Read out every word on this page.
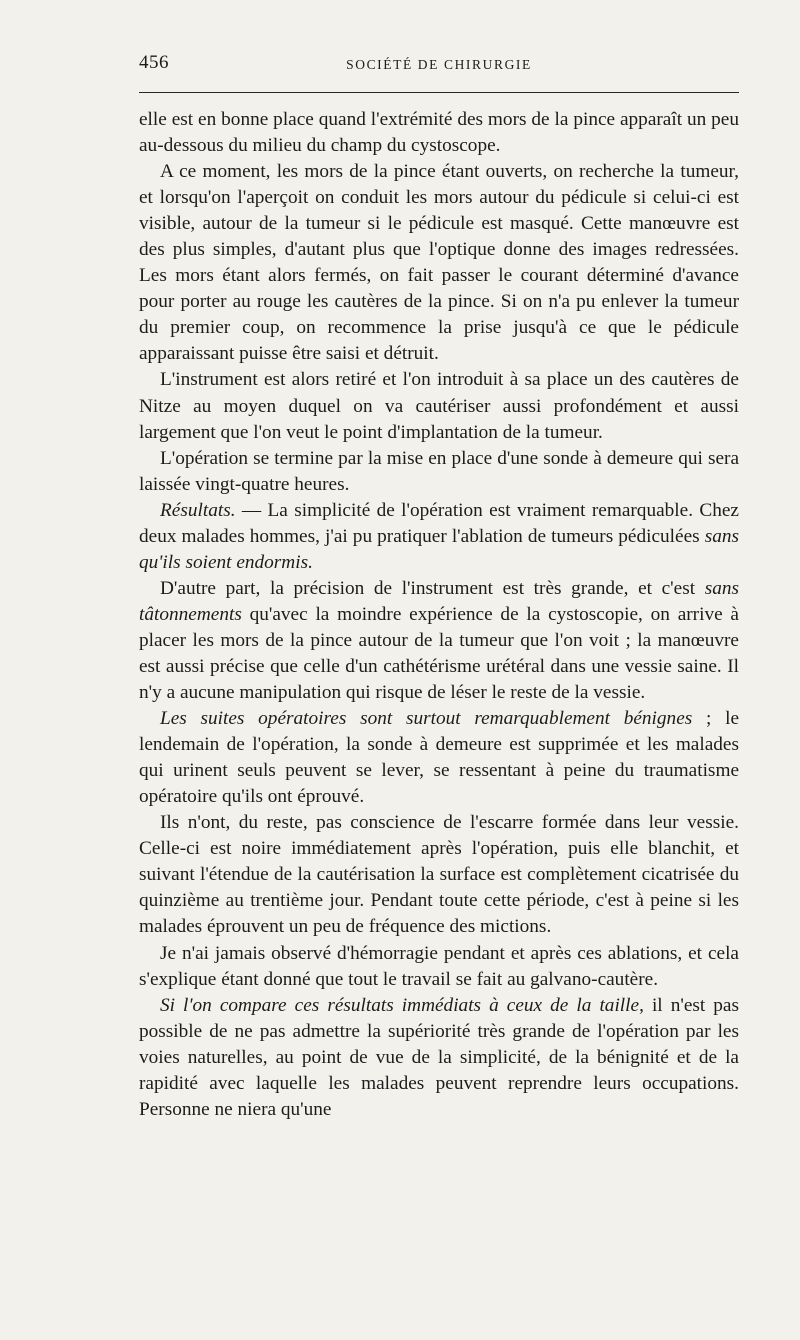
456	SOCIÉTÉ DE CHIRURGIE

elle est en bonne place quand l'extrémité des mors de la pince apparaît un peu au-dessous du milieu du champ du cystoscope.

A ce moment, les mors de la pince étant ouverts, on recherche la tumeur, et lorsqu'on l'aperçoit on conduit les mors autour du pédicule si celui-ci est visible, autour de la tumeur si le pédicule est masqué. Cette manœuvre est des plus simples, d'autant plus que l'optique donne des images redressées. Les mors étant alors fermés, on fait passer le courant déterminé d'avance pour porter au rouge les cautères de la pince. Si on n'a pu enlever la tumeur du premier coup, on recommence la prise jusqu'à ce que le pédicule apparaissant puisse être saisi et détruit.

L'instrument est alors retiré et l'on introduit à sa place un des cautères de Nitze au moyen duquel on va cautériser aussi profondément et aussi largement que l'on veut le point d'implantation de la tumeur.

L'opération se termine par la mise en place d'une sonde à demeure qui sera laissée vingt-quatre heures.

Résultats. — La simplicité de l'opération est vraiment remarquable. Chez deux malades hommes, j'ai pu pratiquer l'ablation de tumeurs pédiculées sans qu'ils soient endormis.

D'autre part, la précision de l'instrument est très grande, et c'est sans tâtonnements qu'avec la moindre expérience de la cystoscopie, on arrive à placer les mors de la pince autour de la tumeur que l'on voit ; la manœuvre est aussi précise que celle d'un cathétérisme urétéral dans une vessie saine. Il n'y a aucune manipulation qui risque de léser le reste de la vessie.

Les suites opératoires sont surtout remarquablement bénignes ; le lendemain de l'opération, la sonde à demeure est supprimée et les malades qui urinent seuls peuvent se lever, se ressentant à peine du traumatisme opératoire qu'ils ont éprouvé.

Ils n'ont, du reste, pas conscience de l'escarre formée dans leur vessie. Celle-ci est noire immédiatement après l'opération, puis elle blanchit, et suivant l'étendue de la cautérisation la surface est complètement cicatrisée du quinzième au trentième jour. Pendant toute cette période, c'est à peine si les malades éprouvent un peu de fréquence des mictions.

Je n'ai jamais observé d'hémorragie pendant et après ces ablations, et cela s'explique étant donné que tout le travail se fait au galvano-cautère.

Si l'on compare ces résultats immédiats à ceux de la taille, il n'est pas possible de ne pas admettre la supériorité très grande de l'opération par les voies naturelles, au point de vue de la simplicité, de la bénignité et de la rapidité avec laquelle les malades peuvent reprendre leurs occupations. Personne ne niera qu'une
